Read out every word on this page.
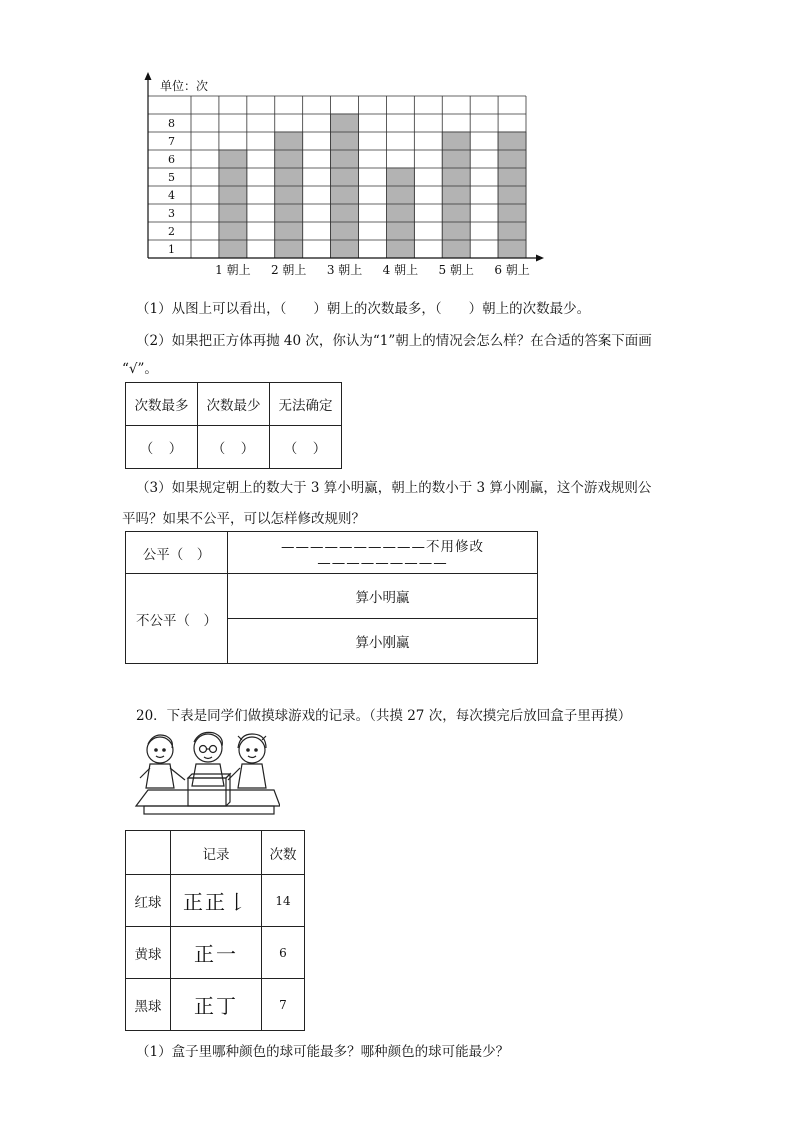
1 朝上 2 朝上 3 朝上 4 朝上 5 朝上 6 朝上
1
2
3
4
5
6
7
8
单位：次
（1）从图上可以看出，（　　）朝上的次数最多，（　　）朝上的次数最少。
（2）如果把正方体再抛 40 次，你认为“1”朝上的情况会怎么样？在合适的答案下面画
“√”。
次数最多	次数最少	无法确定
（　）	（　）	（　）
（3）如果规定朝上的数大于 3 算小明赢，朝上的数小于 3 算小刚赢，这个游戏规则公
平吗？如果不公平，可以怎样修改规则？
公平（　）	——————————不用修改—————————
不公平（　）	算小明赢
	算小刚赢
20．下表是同学们做摸球游戏的记录。（共摸 27 次，每次摸完后放回盒子里再摸）
	记录	次数
红球	正正𠄌	14
黄球	正一	6
黑球	正丁	7
（1）盒子里哪种颜色的球可能最多？哪种颜色的球可能最少？
